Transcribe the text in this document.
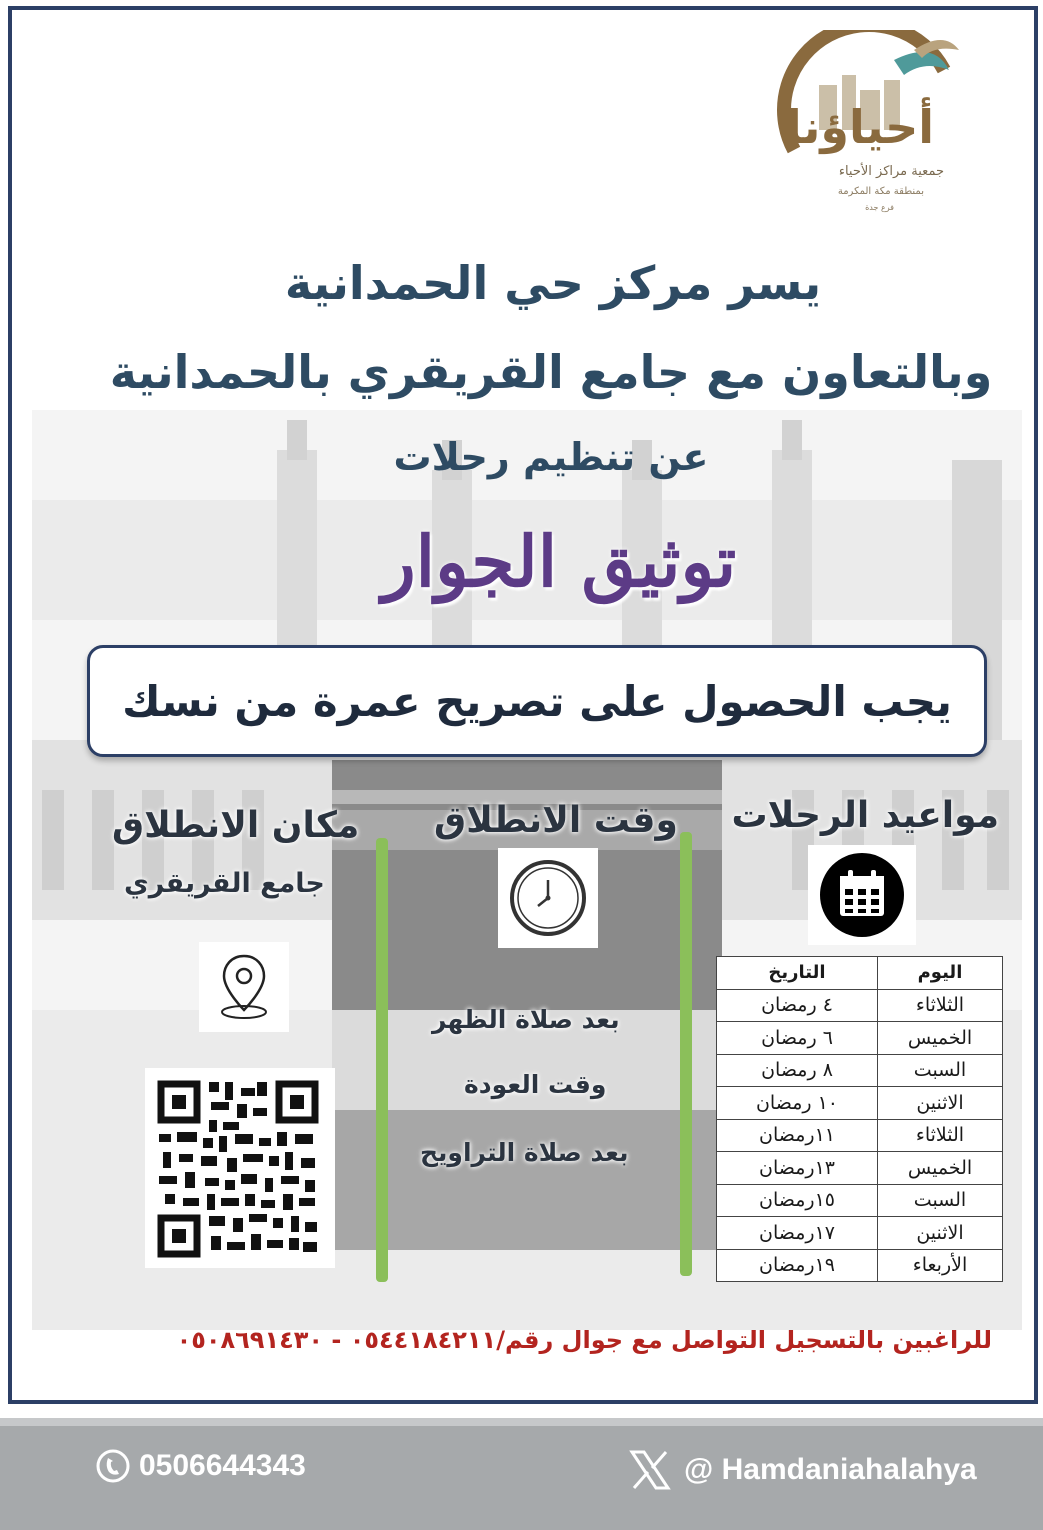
أحياؤنا
جمعية مراكز الأحياء
بمنطقة مكة المكرمة
فرع جدة
يسر مركز حي الحمدانية
وبالتعاون مع جامع القريقري بالحمدانية
عن تنظيم رحلات
توثيق الجوار
يجب الحصول على تصريح عمرة من نسك
مواعيد الرحلات
وقت الانطلاق
مكان الانطلاق
جامع القريقري
بعد صلاة الظهر
وقت العودة
بعد صلاة التراويح
اليوم	التاريخ
الثلاثاء	٤ رمضان
الخميس	٦ رمضان
السبت	٨ رمضان
الاثنين	١٠ رمضان
الثلاثاء	١١رمضان
الخميس	١٣رمضان
السبت	١٥رمضان
الاثنين	١٧رمضان
الأربعاء	١٩رمضان
للراغبين بالتسجيل التواصل مع جوال رقم/٠٥٤٤١٨٤٢١١ - ٠٥٠٨٦٩١٤٣٠
0506644343	@ Hamdaniahalahya
